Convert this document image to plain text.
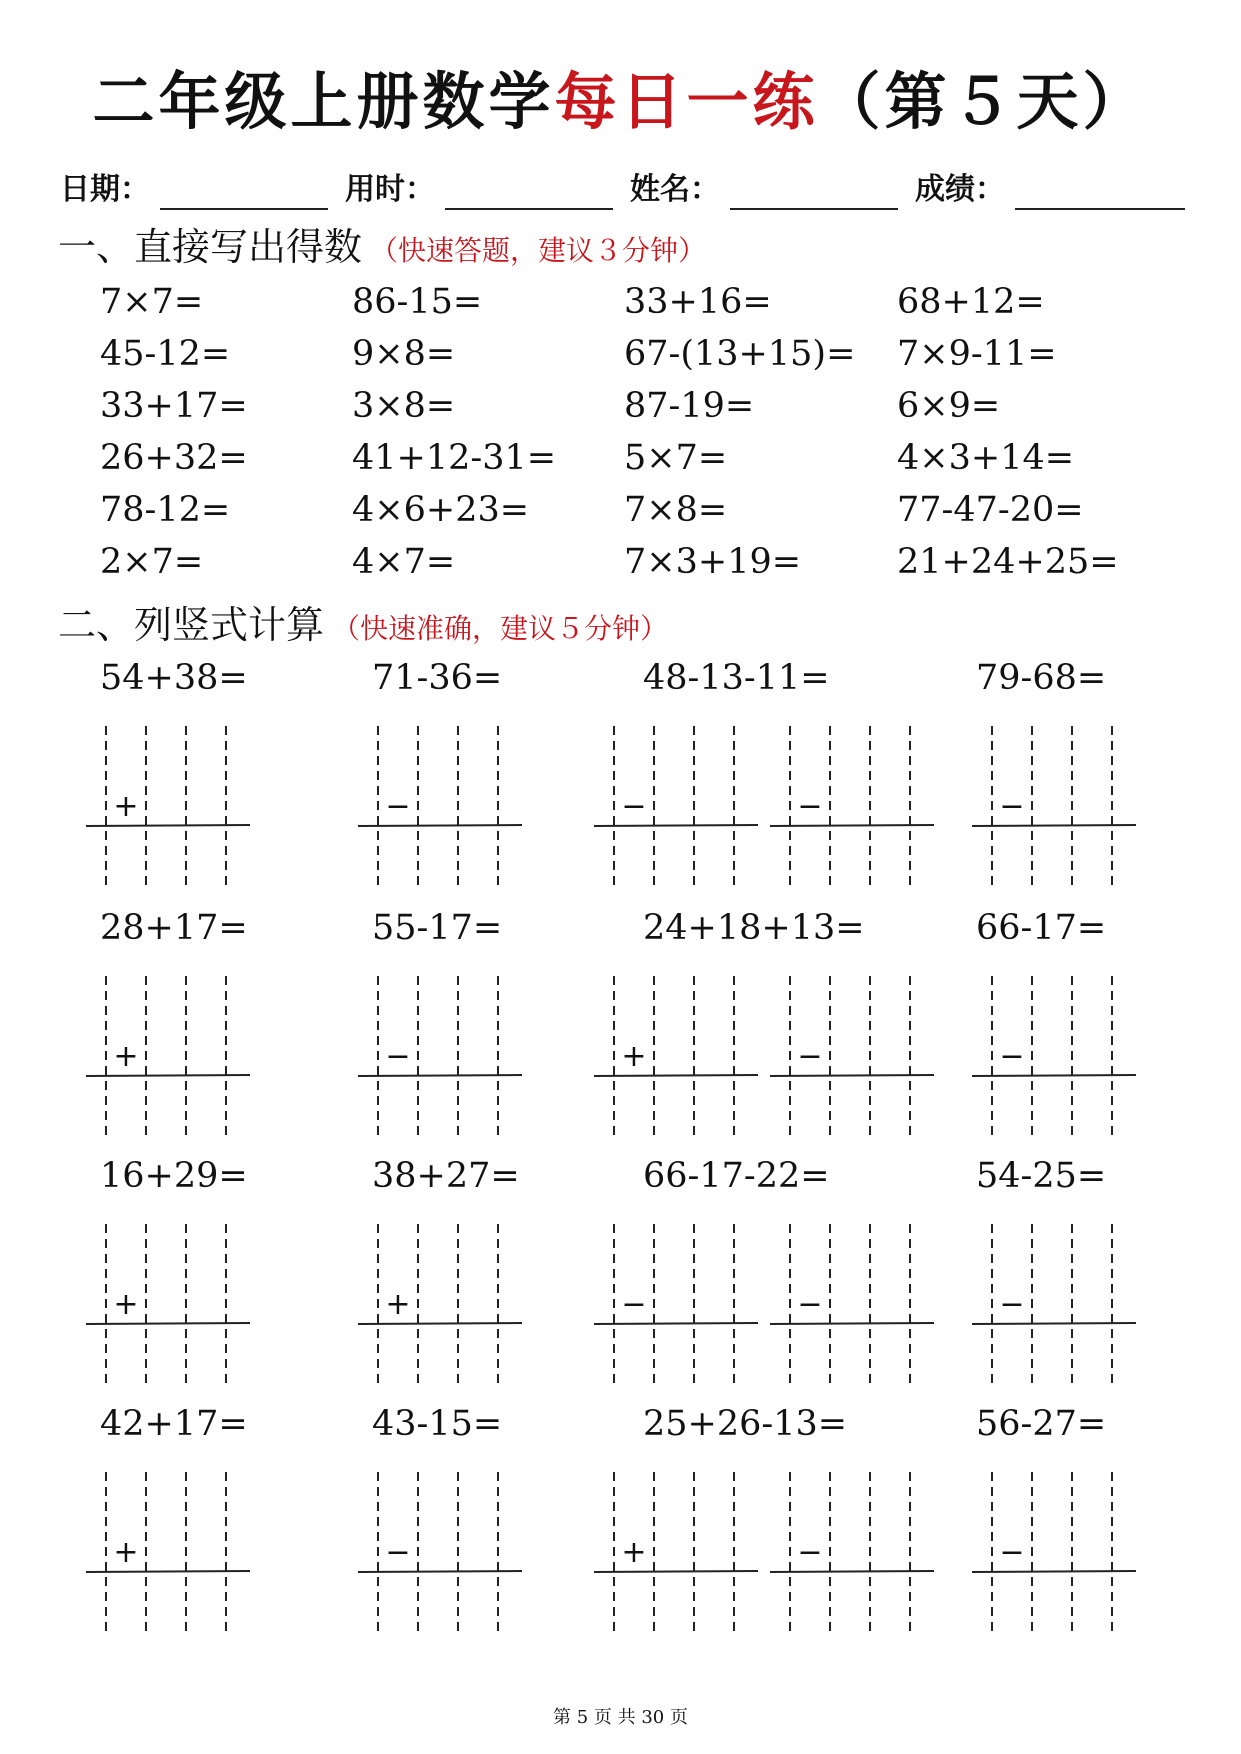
二年级上册数学每日一练（第５天）
日期：	用时：	姓名：	成绩：
一、直接写出得数 （快速答题，建议３分钟）
7×7=	86-15=	33+16=	68+12=
45-12=	9×8=	67-(13+15)= 7×9-11=
33+17=	3×8=	87-19=	6×9=
26+32=	41+12-31= 5×7=	4×3+14=
78-12=	4×6+23=	7×8=	77-47-20=
2×7=	4×7=	7×3+19=	21+24+25=
二、列竖式计算 （快速准确，建议５分钟）
54+38=
+
71-36=
−
48-13-11=
−	−
79-68=
−
28+17=
+
55-17=
−
24+18+13=
+	−
66-17=
−
16+29=
+
38+27=
+
66-17-22=
−	−
54-25=
−
42+17=
+
43-15=
−
25+26-13=
+	−
56-27=
−
第 5 页 共 30 页
